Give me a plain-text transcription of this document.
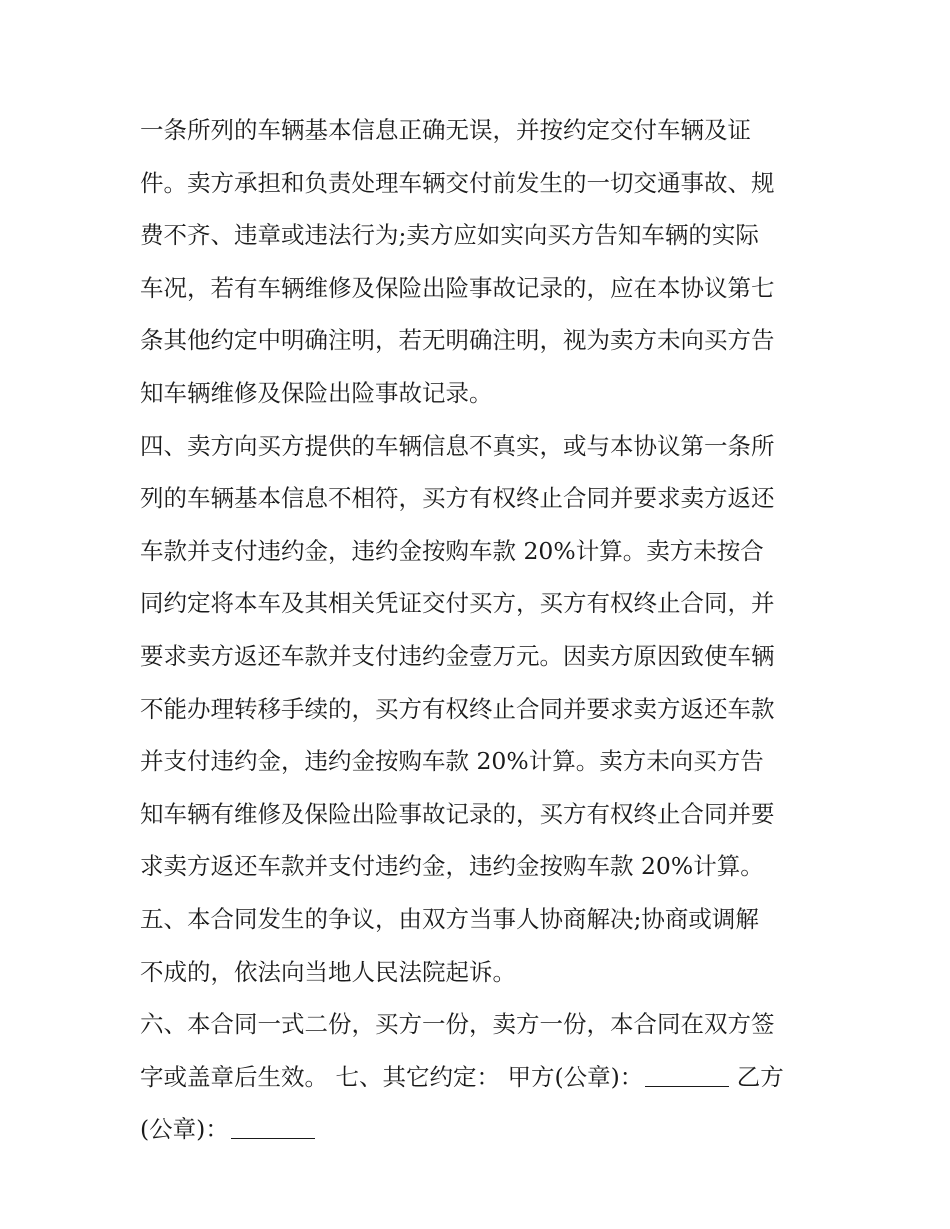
一条所列的车辆基本信息正确无误，并按约定交付车辆及证
件。卖方承担和负责处理车辆交付前发生的一切交通事故、规
费不齐、违章或违法行为;卖方应如实向买方告知车辆的实际
车况，若有车辆维修及保险出险事故记录的，应在本协议第七
条其他约定中明确注明，若无明确注明，视为卖方未向买方告
知车辆维修及保险出险事故记录。
四、卖方向买方提供的车辆信息不真实，或与本协议第一条所
列的车辆基本信息不相符，买方有权终止合同并要求卖方返还
车款并支付违约金，违约金按购车款 20%计算。卖方未按合
同约定将本车及其相关凭证交付买方，买方有权终止合同，并
要求卖方返还车款并支付违约金壹万元。因卖方原因致使车辆
不能办理转移手续的，买方有权终止合同并要求卖方返还车款
并支付违约金，违约金按购车款 20%计算。卖方未向买方告
知车辆有维修及保险出险事故记录的，买方有权终止合同并要
求卖方返还车款并支付违约金，违约金按购车款 20%计算。
五、本合同发生的争议，由双方当事人协商解决;协商或调解
不成的，依法向当地人民法院起诉。
六、本合同一式二份，买方一份，卖方一份，本合同在双方签
字或盖章后生效。 七、其它约定： 甲方(公章)：	乙方
(公章)：
